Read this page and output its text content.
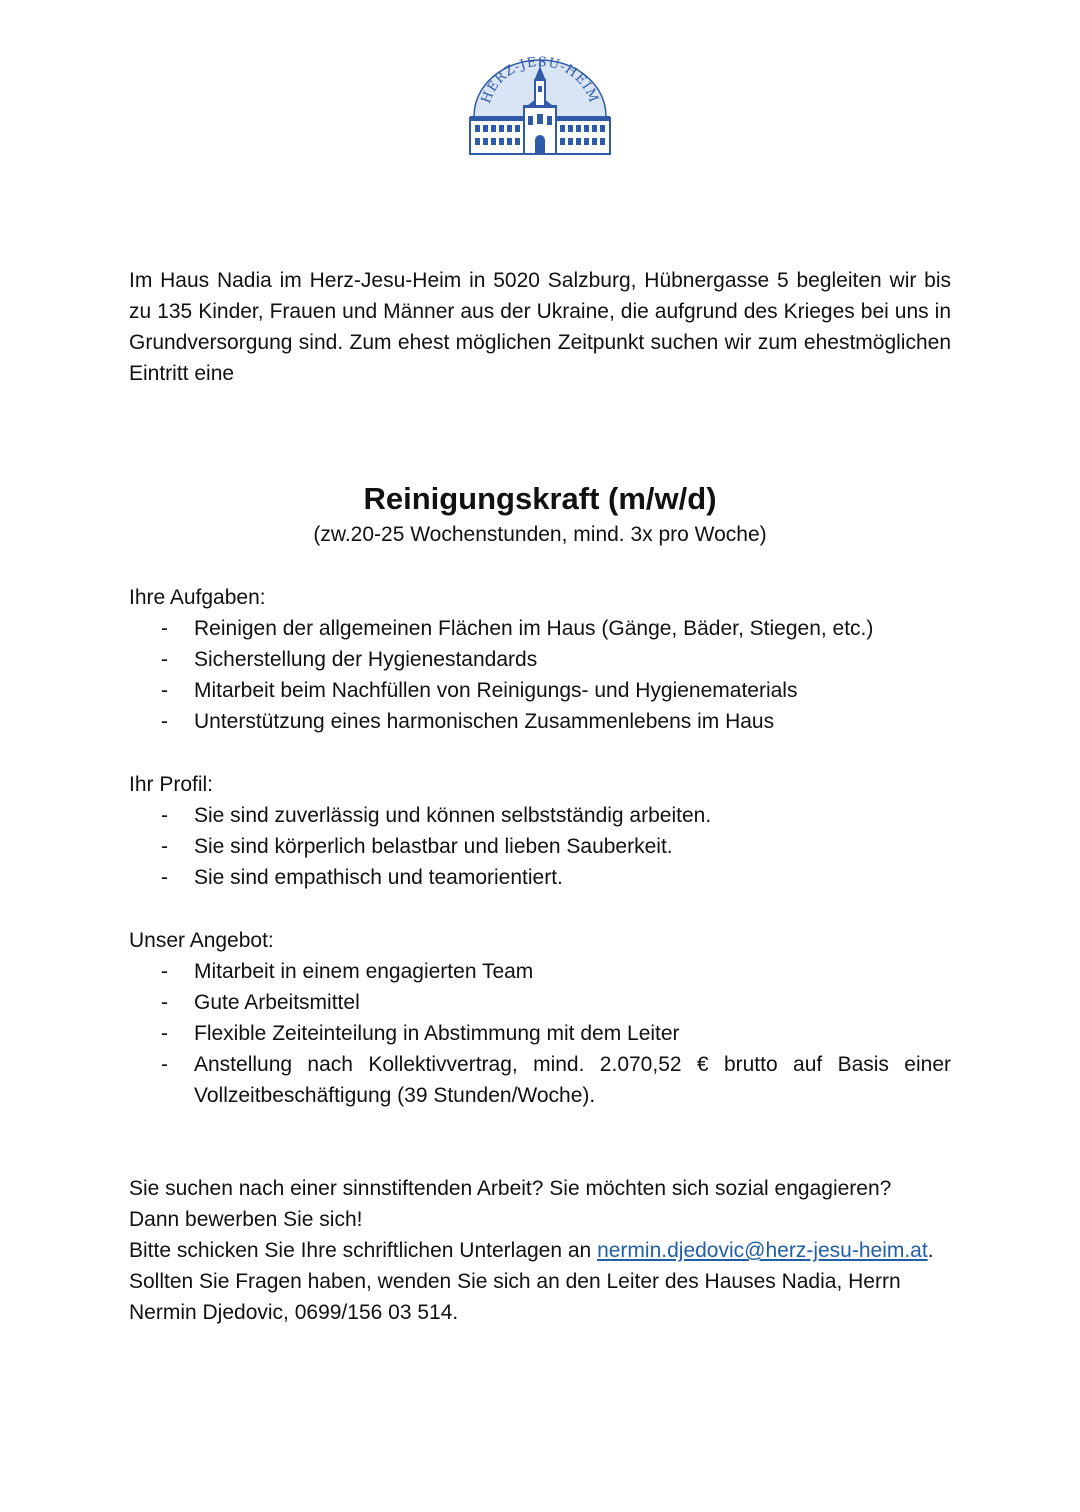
HERZ-JESU-HEIM

Im Haus Nadia im Herz-Jesu-Heim in 5020 Salzburg, Hübnergasse 5 begleiten wir bis zu 135 Kinder, Frauen und Männer aus der Ukraine, die aufgrund des Krieges bei uns in Grundversorgung sind. Zum ehest möglichen Zeitpunkt suchen wir zum ehestmöglichen Eintritt eine

Reinigungskraft (m/w/d)

(zw.20-25 Wochenstunden, mind. 3x pro Woche)

Ihre Aufgaben:

- Reinigen der allgemeinen Flächen im Haus (Gänge, Bäder, Stiegen, etc.)
- Sicherstellung der Hygienestandards
- Mitarbeit beim Nachfüllen von Reinigungs- und Hygienematerials
- Unterstützung eines harmonischen Zusammenlebens im Haus

Ihr Profil:

- Sie sind zuverlässig und können selbstständig arbeiten.
- Sie sind körperlich belastbar und lieben Sauberkeit.
- Sie sind empathisch und teamorientiert.

Unser Angebot:

- Mitarbeit in einem engagierten Team
- Gute Arbeitsmittel
- Flexible Zeiteinteilung in Abstimmung mit dem Leiter
- Anstellung nach Kollektivvertrag, mind. 2.070,52 € brutto auf Basis einer Vollzeitbeschäftigung (39 Stunden/Woche).

Sie suchen nach einer sinnstiftenden Arbeit? Sie möchten sich sozial engagieren?

Dann bewerben Sie sich!

Bitte schicken Sie Ihre schriftlichen Unterlagen an nermin.djedovic@herz-jesu-heim.at. Sollten Sie Fragen haben, wenden Sie sich an den Leiter des Hauses Nadia, Herrn Nermin Djedovic, 0699/156 03 514.
